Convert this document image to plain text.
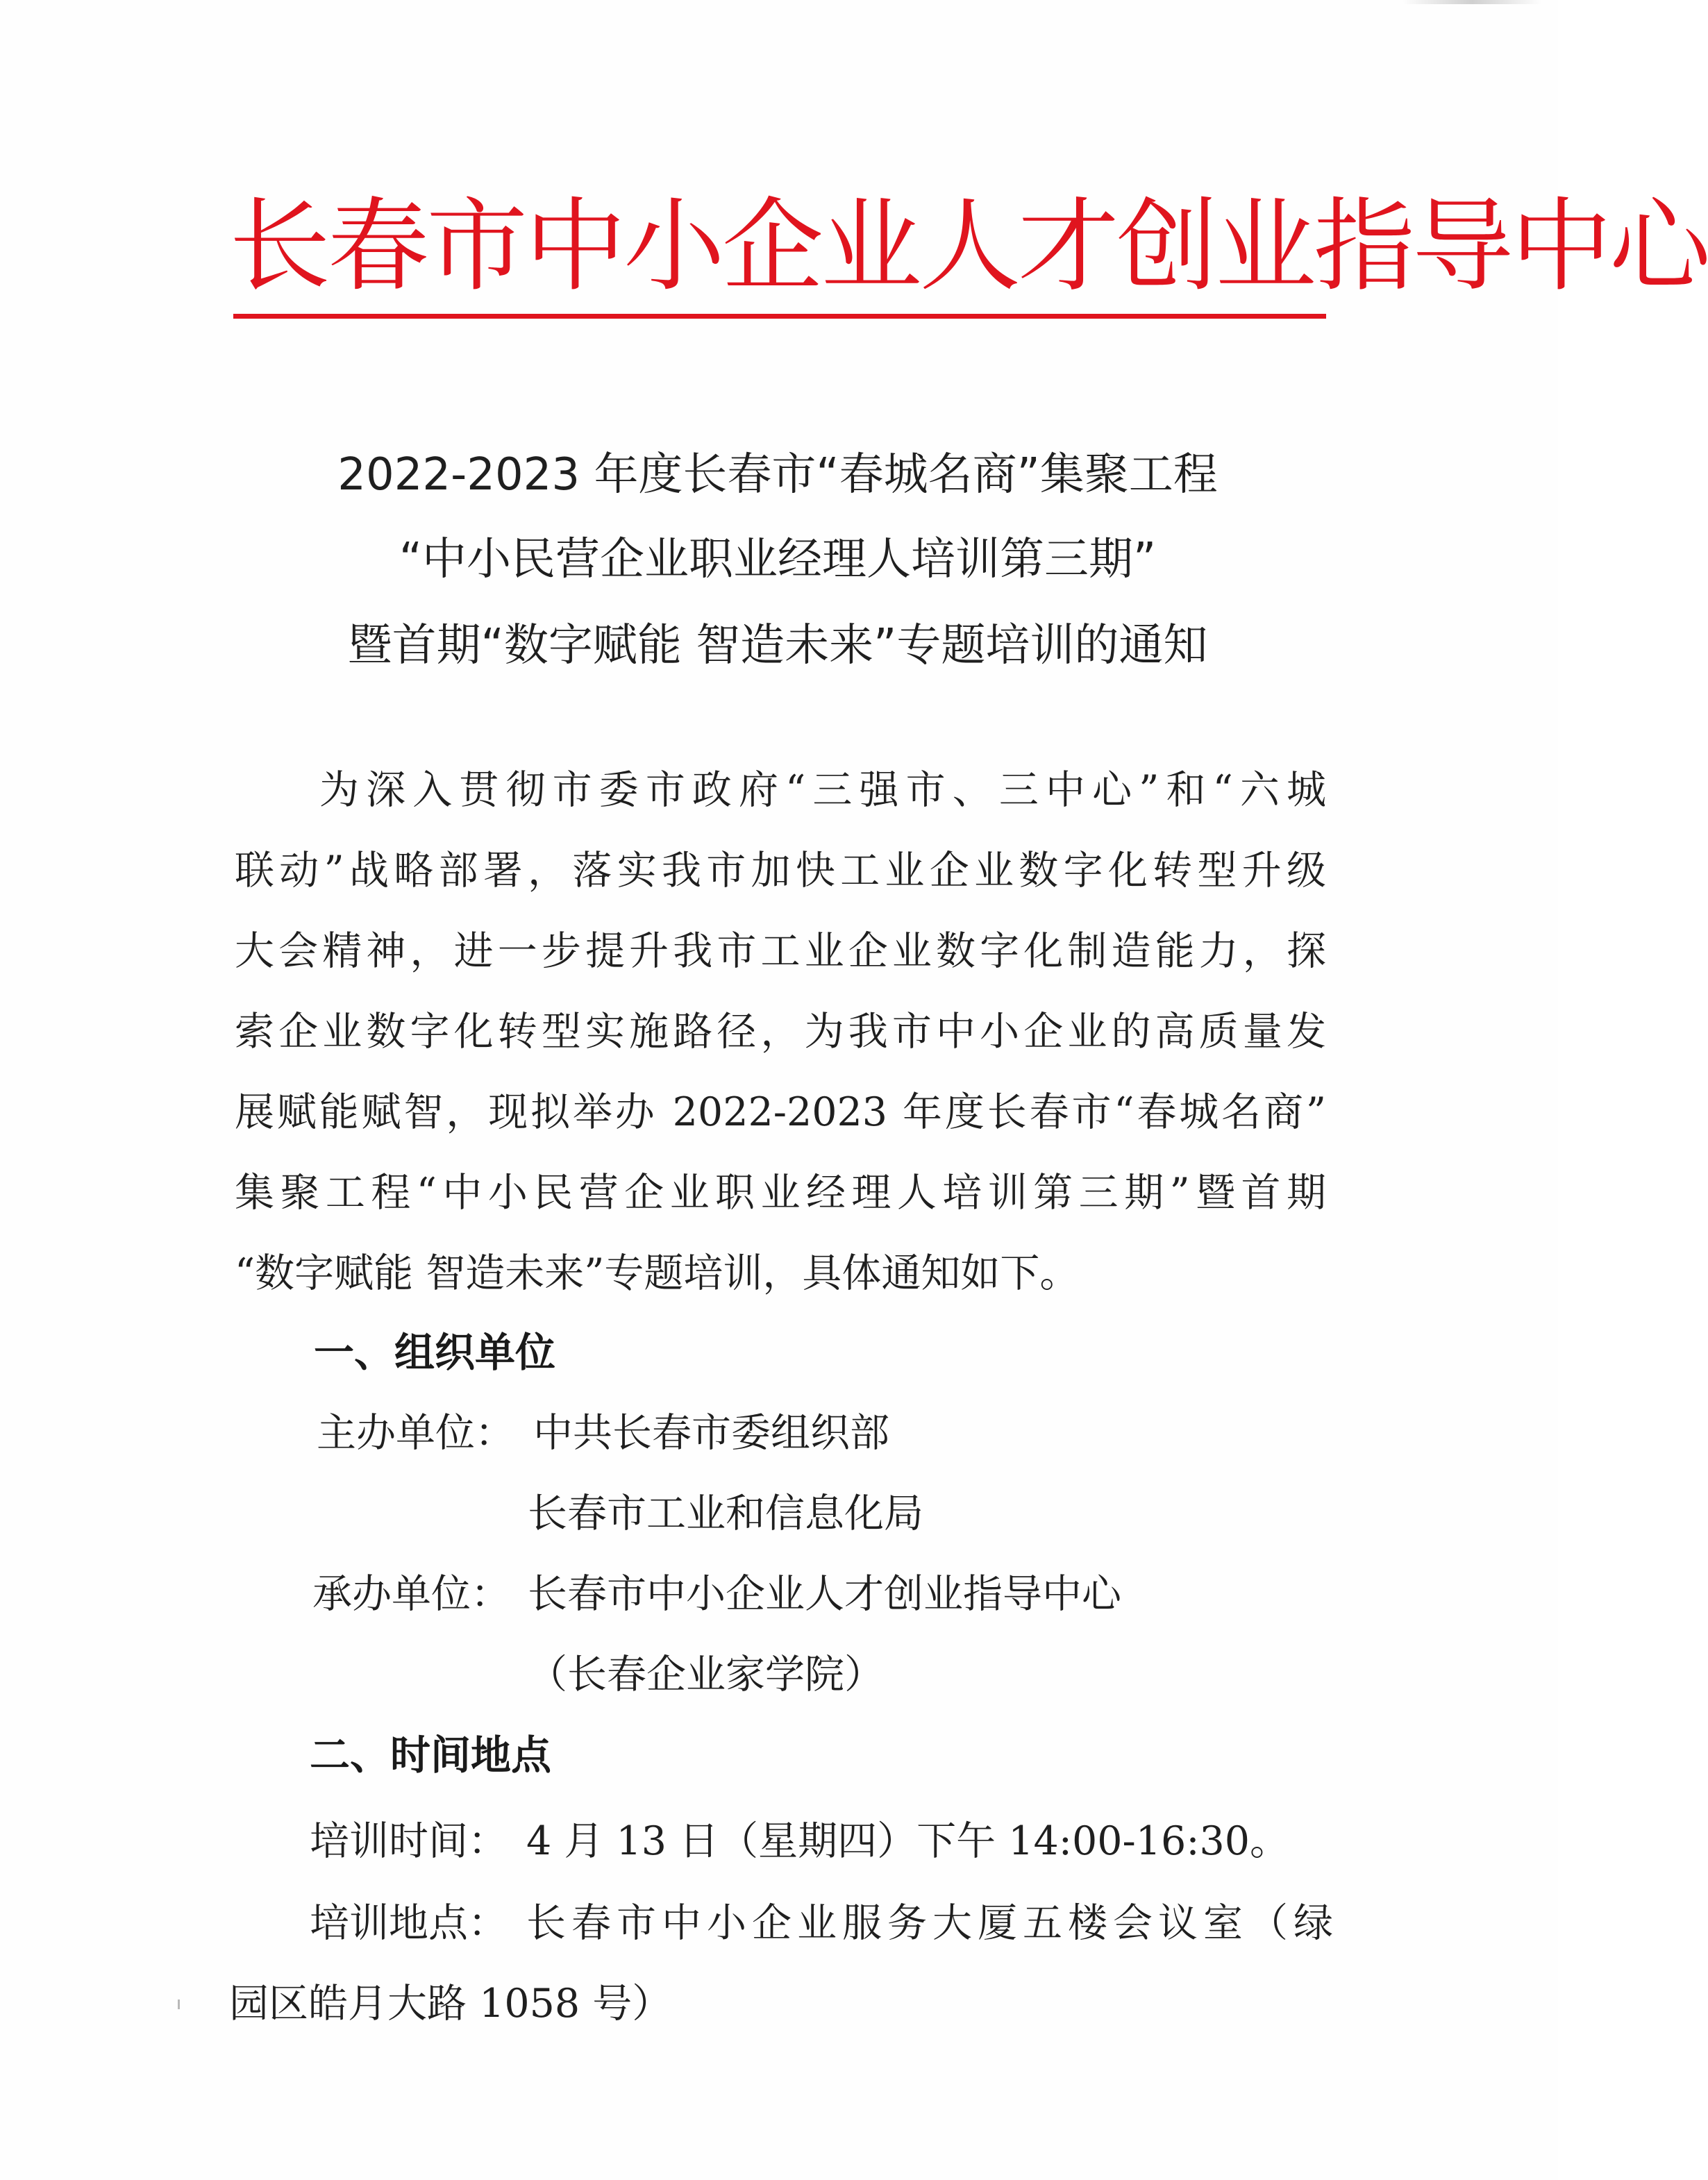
长春市中小企业人才创业指导中心
2022-2023 年度长春市“春城名商”集聚工程
“中小民营企业职业经理人培训第三期”
暨首期“数字赋能 智造未来”专题培训的通知
为深入贯彻市委市政府“三强市、三中心”和“六城
联动”战略部署，落实我市加快工业企业数字化转型升级
大会精神，进一步提升我市工业企业数字化制造能力，探
索企业数字化转型实施路径，为我市中小企业的高质量发
展赋能赋智，现拟举办 2022-2023 年度长春市“春城名商”
集聚工程“中小民营企业职业经理人培训第三期”暨首期
“数字赋能 智造未来”专题培训，具体通知如下。
一、组织单位
主办单位： 中共长春市委组织部
长春市工业和信息化局
承办单位： 长春市中小企业人才创业指导中心
（长春企业家学院）
二、时间地点
培训时间： 4 月 13 日（星期四）下午 14:00-16:30。
培训地点： 长春市中小企业服务大厦五楼会议室（绿
园区皓月大路 1058 号）
